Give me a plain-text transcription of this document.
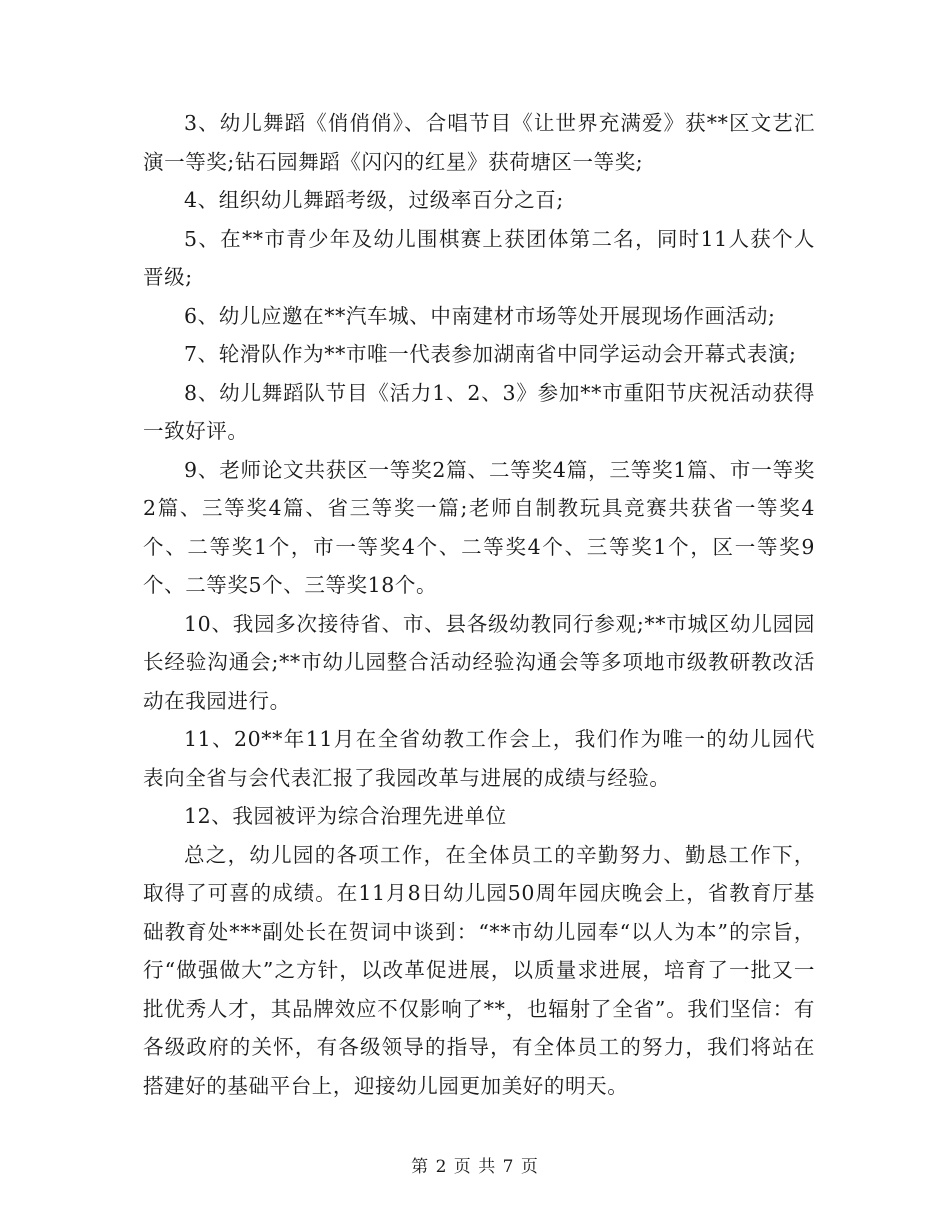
3、幼儿舞蹈《俏俏俏》、合唱节目《让世界充满爱》获**区文艺汇演一等奖;钻石园舞蹈《闪闪的红星》获荷塘区一等奖;

4、组织幼儿舞蹈考级，过级率百分之百;

5、在**市青少年及幼儿围棋赛上获团体第二名，同时11人获个人晋级;

6、幼儿应邀在**汽车城、中南建材市场等处开展现场作画活动;

7、轮滑队作为**市唯一代表参加湖南省中同学运动会开幕式表演;

8、幼儿舞蹈队节目《活力1、2、3》参加**市重阳节庆祝活动获得一致好评。

9、老师论文共获区一等奖2篇、二等奖4篇，三等奖1篇、市一等奖2篇、三等奖4篇、省三等奖一篇;老师自制教玩具竞赛共获省一等奖4个、二等奖1个，市一等奖4个、二等奖4个、三等奖1个，区一等奖9个、二等奖5个、三等奖18个。

10、我园多次接待省、市、县各级幼教同行参观;**市城区幼儿园园长经验沟通会;**市幼儿园整合活动经验沟通会等多项地市级教研教改活动在我园进行。

11、20**年11月在全省幼教工作会上，我们作为唯一的幼儿园代表向全省与会代表汇报了我园改革与进展的成绩与经验。

12、我园被评为综合治理先进单位

总之，幼儿园的各项工作，在全体员工的辛勤努力、勤恳工作下，取得了可喜的成绩。在11月8日幼儿园50周年园庆晚会上，省教育厅基础教育处***副处长在贺词中谈到：“**市幼儿园奉“以人为本”的宗旨，行“做强做大”之方针，以改革促进展，以质量求进展，培育了一批又一批优秀人才，其品牌效应不仅影响了**，也辐射了全省”。我们坚信：有各级政府的关怀，有各级领导的指导，有全体员工的努力，我们将站在搭建好的基础平台上，迎接幼儿园更加美好的明天。

第 2 页 共 7 页
